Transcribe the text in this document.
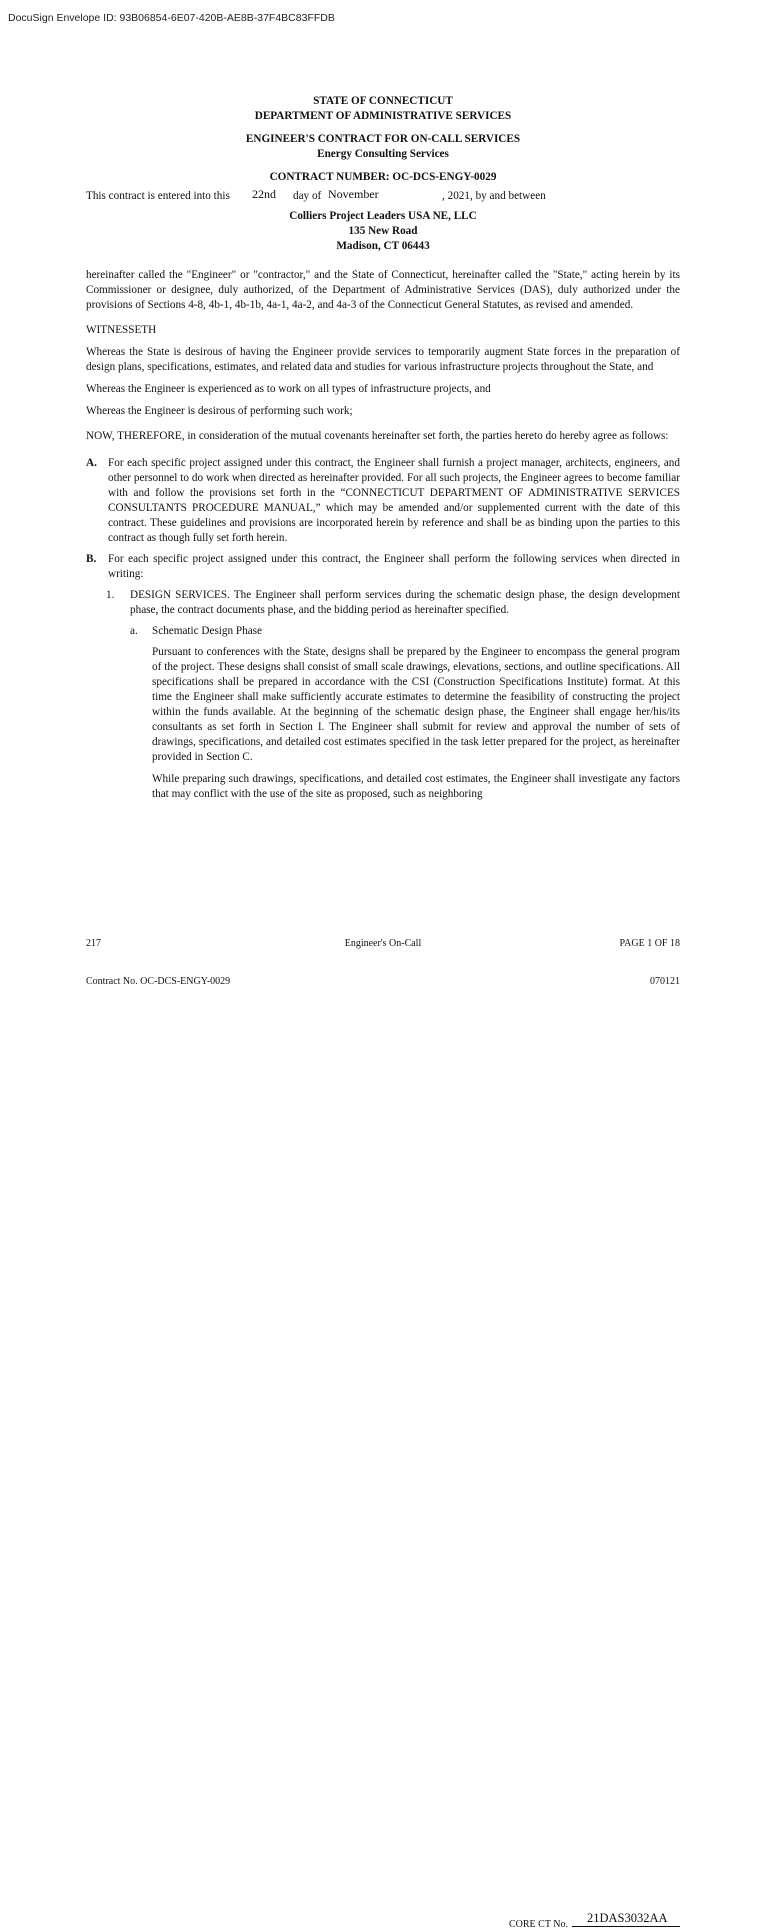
DocuSign Envelope ID: 93B06854-6E07-420B-AE8B-37F4BC83FFDB
STATE OF CONNECTICUT
DEPARTMENT OF ADMINISTRATIVE SERVICES
ENGINEER'S CONTRACT FOR ON-CALL SERVICES
Energy Consulting Services
CONTRACT NUMBER: OC-DCS-ENGY-0029
This contract is entered into this 22nd day of November	, 2021, by and between
Colliers Project Leaders USA NE, LLC
135 New Road
Madison, CT 06443

hereinafter called the "Engineer" or "contractor," and the State of Connecticut, hereinafter called the "State," acting herein by its Commissioner or designee, duly authorized, of the Department of Administrative Services (DAS), duly authorized under the provisions of Sections 4-8, 4b-1, 4b-1b, 4a-1, 4a-2, and 4a-3 of the Connecticut General Statutes, as revised and amended.

WITNESSETH

Whereas the State is desirous of having the Engineer provide services to temporarily augment State forces in the preparation of design plans, specifications, estimates, and related data and studies for various infrastructure projects throughout the State, and

Whereas the Engineer is experienced as to work on all types of infrastructure projects, and

Whereas the Engineer is desirous of performing such work;

NOW, THEREFORE, in consideration of the mutual covenants hereinafter set forth, the parties hereto do hereby agree as follows:

A. For each specific project assigned under this contract, the Engineer shall furnish a project manager, architects, engineers, and other personnel to do work when directed as hereinafter provided. For all such projects, the Engineer agrees to become familiar with and follow the provisions set forth in the “CONNECTICUT DEPARTMENT OF ADMINISTRATIVE SERVICES CONSULTANTS PROCEDURE MANUAL,” which may be amended and/or supplemented current with the date of this contract. These guidelines and provisions are incorporated herein by reference and shall be as binding upon the parties to this contract as though fully set forth herein.
B.	For each specific project assigned under this contract, the Engineer shall perform the following services when directed in writing:
1.	DESIGN SERVICES. The Engineer shall perform services during the schematic design phase, the design development phase, the contract documents phase, and the bidding period as hereinafter specified.
a.	Schematic Design Phase

Pursuant to conferences with the State, designs shall be prepared by the Engineer to encompass the general program of the project. These designs shall consist of small scale drawings, elevations, sections, and outline specifications. All specifications shall be prepared in accordance with the CSI (Construction Specifications Institute) format. At this time the Engineer shall make sufficiently accurate estimates to determine the feasibility of constructing the project within the funds available. At the beginning of the schematic design phase, the Engineer shall engage her/his/its consultants as set forth in Section I. The Engineer shall submit for review and approval the number of sets of drawings, specifications, and detailed cost estimates specified in the task letter prepared for the project, as hereinafter provided in Section C.

While preparing such drawings, specifications, and detailed cost estimates, the Engineer shall investigate any factors that may conflict with the use of the site as proposed, such as neighboring

217	Engineer's On-Call	PAGE 1 OF 18
CORE CT No. 21DAS3032AA
Contract No. OC-DCS-ENGY-0029	070121
